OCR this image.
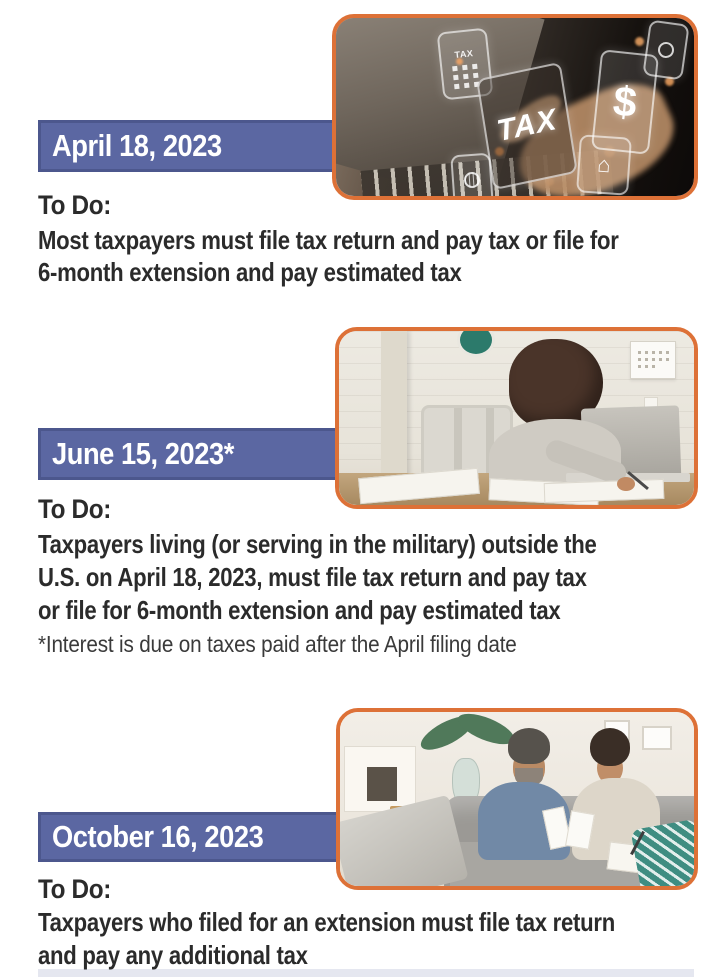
April 18, 2023
TAX
TAX $
⌂
To Do:
Most taxpayers must file tax return and pay tax or file for
6-month extension and pay estimated tax
June 15, 2023*
To Do:
Taxpayers living (or serving in the military) outside the
U.S. on April 18, 2023, must file tax return and pay tax
or file for 6-month extension and pay estimated tax
*Interest is due on taxes paid after the April filing date
October 16, 2023
To Do:
Taxpayers who filed for an extension must file tax return
and pay any additional tax
